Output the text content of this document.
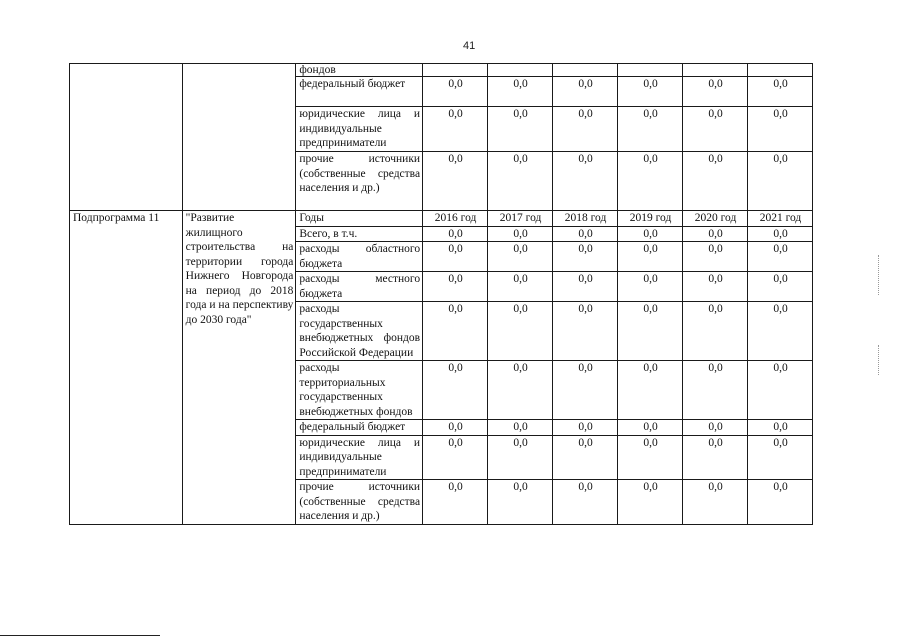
41
		фондов						
		федеральный бюджет	0,0	0,0	0,0	0,0	0,0	0,0
		юридические лица и индивидуальные предприниматели	0,0	0,0	0,0	0,0	0,0	0,0
		прочие источники (собственные средства населения и др.)	0,0	0,0	0,0	0,0	0,0	0,0
Подпрограмма 11	"Развитие жилищного строительства на территории города Нижнего Новгорода на период до 2018 года и на перспективу до 2030 года"	Годы	2016 год	2017 год	2018 год	2019 год	2020 год	2021 год
		Всего, в т.ч.	0,0	0,0	0,0	0,0	0,0	0,0
		расходы областного бюджета	0,0	0,0	0,0	0,0	0,0	0,0
		расходы местного бюджета	0,0	0,0	0,0	0,0	0,0	0,0
		расходы государственных внебюджетных фондов Российской Федерации	0,0	0,0	0,0	0,0	0,0	0,0
		расходы территориальных государственных внебюджетных фондов	0,0	0,0	0,0	0,0	0,0	0,0
		федеральный бюджет	0,0	0,0	0,0	0,0	0,0	0,0
		юридические лица и индивидуальные предприниматели	0,0	0,0	0,0	0,0	0,0	0,0
		прочие источники (собственные средства населения и др.)	0,0	0,0	0,0	0,0	0,0	0,0
